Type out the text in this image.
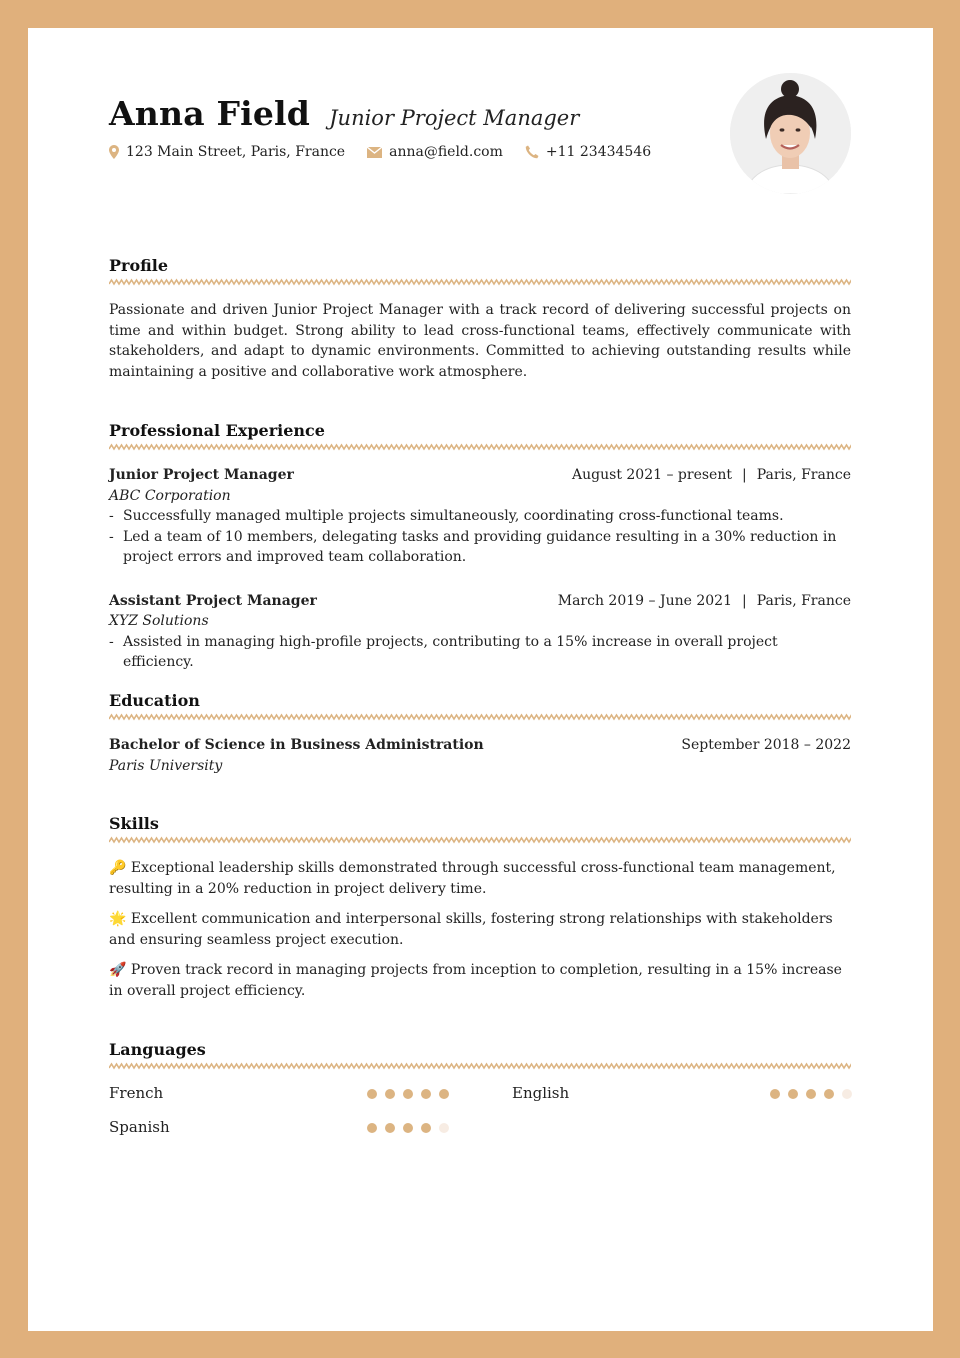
Anna Field Junior Project Manager
123 Main Street, Paris, France	anna@field.com	+11 23434546
Profile
Passionate and driven Junior Project Manager with a track record of delivering successful projects on time and within budget. Strong ability to lead cross-functional teams, effectively communicate with stakeholders, and adapt to dynamic environments. Committed to achieving outstanding results while maintaining a positive and collaborative work atmosphere.
Professional Experience
Junior Project Manager	August 2021 – present | Paris, France
ABC Corporation
- Successfully managed multiple projects simultaneously, coordinating cross-functional teams.
- Led a team of 10 members, delegating tasks and providing guidance resulting in a 30% reduction in project errors and improved team collaboration.
Assistant Project Manager	March 2019 – June 2021 | Paris, France
XYZ Solutions
- Assisted in managing high-profile projects, contributing to a 15% increase in overall project efficiency.
Education
Bachelor of Science in Business Administration	September 2018 – 2022
Paris University
Skills
🔑 Exceptional leadership skills demonstrated through successful cross-functional team management, resulting in a 20% reduction in project delivery time.
🌟 Excellent communication and interpersonal skills, fostering strong relationships with stakeholders and ensuring seamless project execution.
🚀 Proven track record in managing projects from inception to completion, resulting in a 15% increase in overall project efficiency.
Languages
French	English
Spanish
